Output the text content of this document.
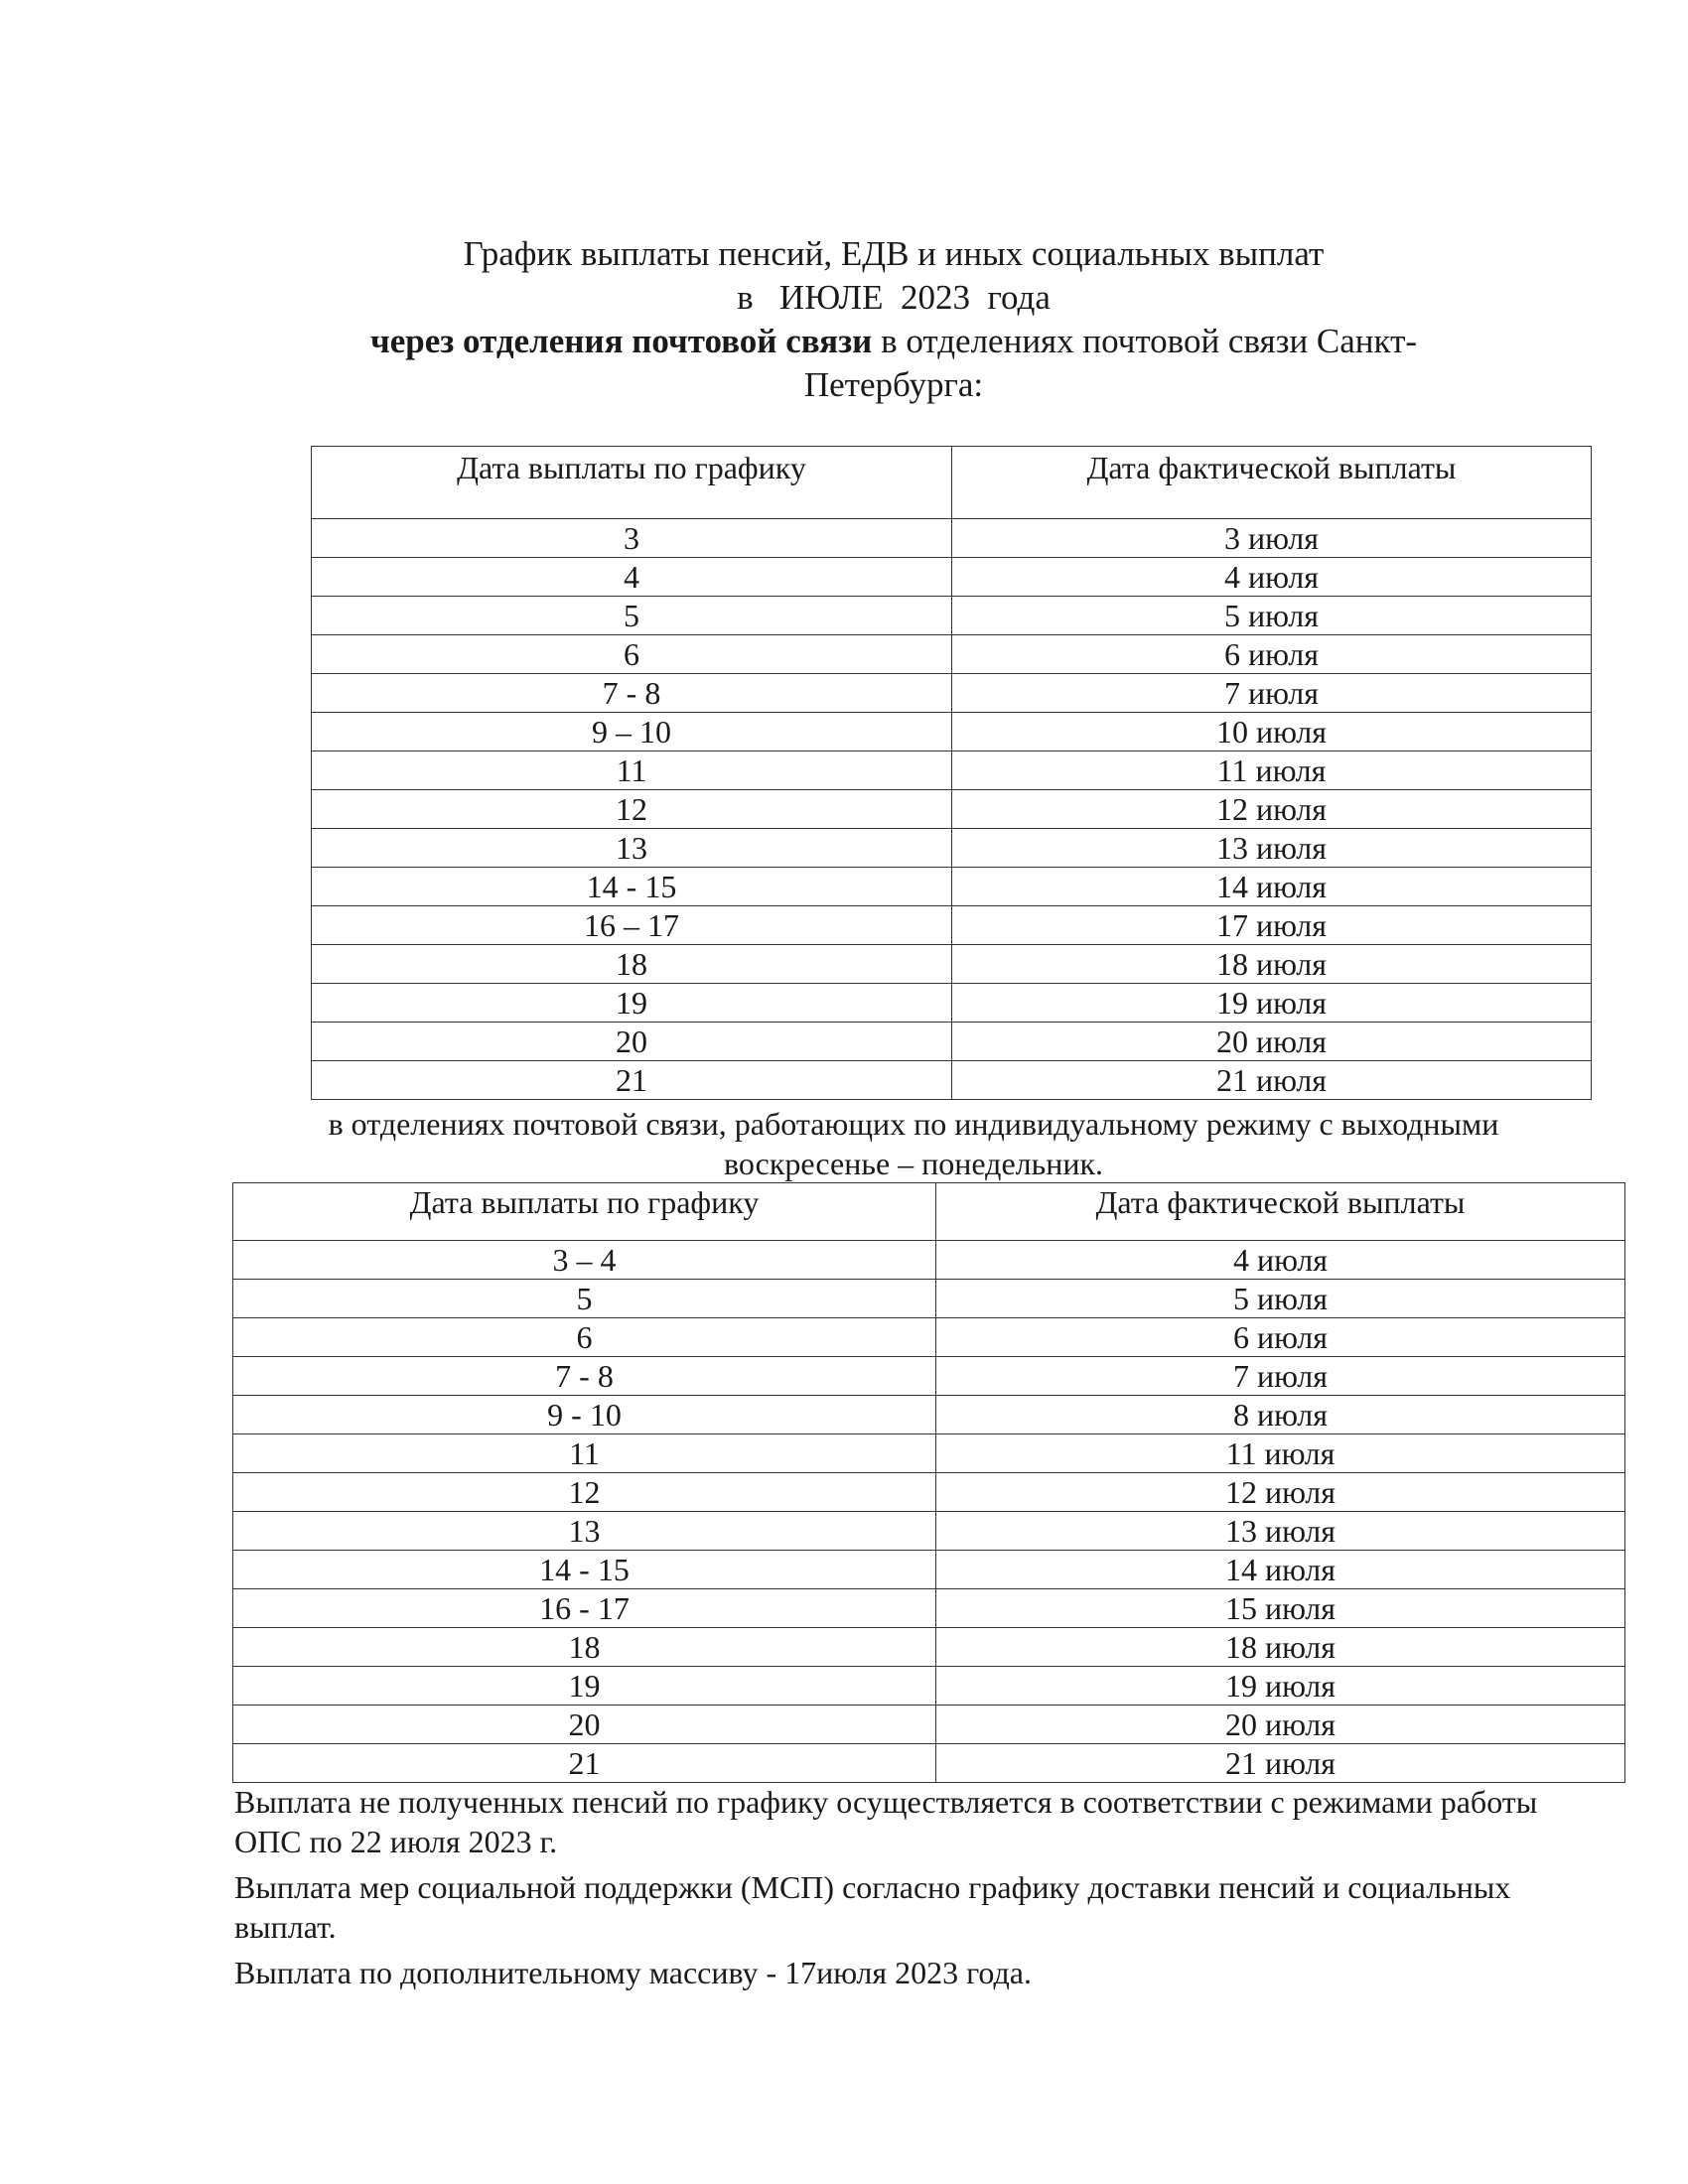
График выплаты пенсий, ЕДВ и иных социальных выплат
в   ИЮЛЕ  2023  года
через отделения почтовой связи в отделениях почтовой связи Санкт-
Петербурга:
Дата выплаты по графику	Дата фактической выплаты
3	3 июля
4	4 июля
5	5 июля
6	6 июля
7 - 8	7 июля
9 – 10	10 июля
11	11 июля
12	12 июля
13	13 июля
14 - 15	14 июля
16 – 17	17 июля
18	18 июля
19	19 июля
20	20 июля
21	21 июля
в отделениях почтовой связи, работающих по индивидуальному режиму с выходными
воскресенье – понедельник.
Дата выплаты по графику	Дата фактической выплаты
3 – 4	4 июля
5	5 июля
6	6 июля
7 - 8	7 июля
9 - 10	8 июля
11	11 июля
12	12 июля
13	13 июля
14 - 15	14 июля
16 - 17	15 июля
18	18 июля
19	19 июля
20	20 июля
21	21 июля

Выплата не полученных пенсий по графику осуществляется в соответствии с режимами работы ОПС по 22 июля 2023 г.

Выплата мер социальной поддержки (МСП) согласно графику доставки пенсий и социальных выплат.

Выплата по дополнительному массиву - 17июля 2023 года.
